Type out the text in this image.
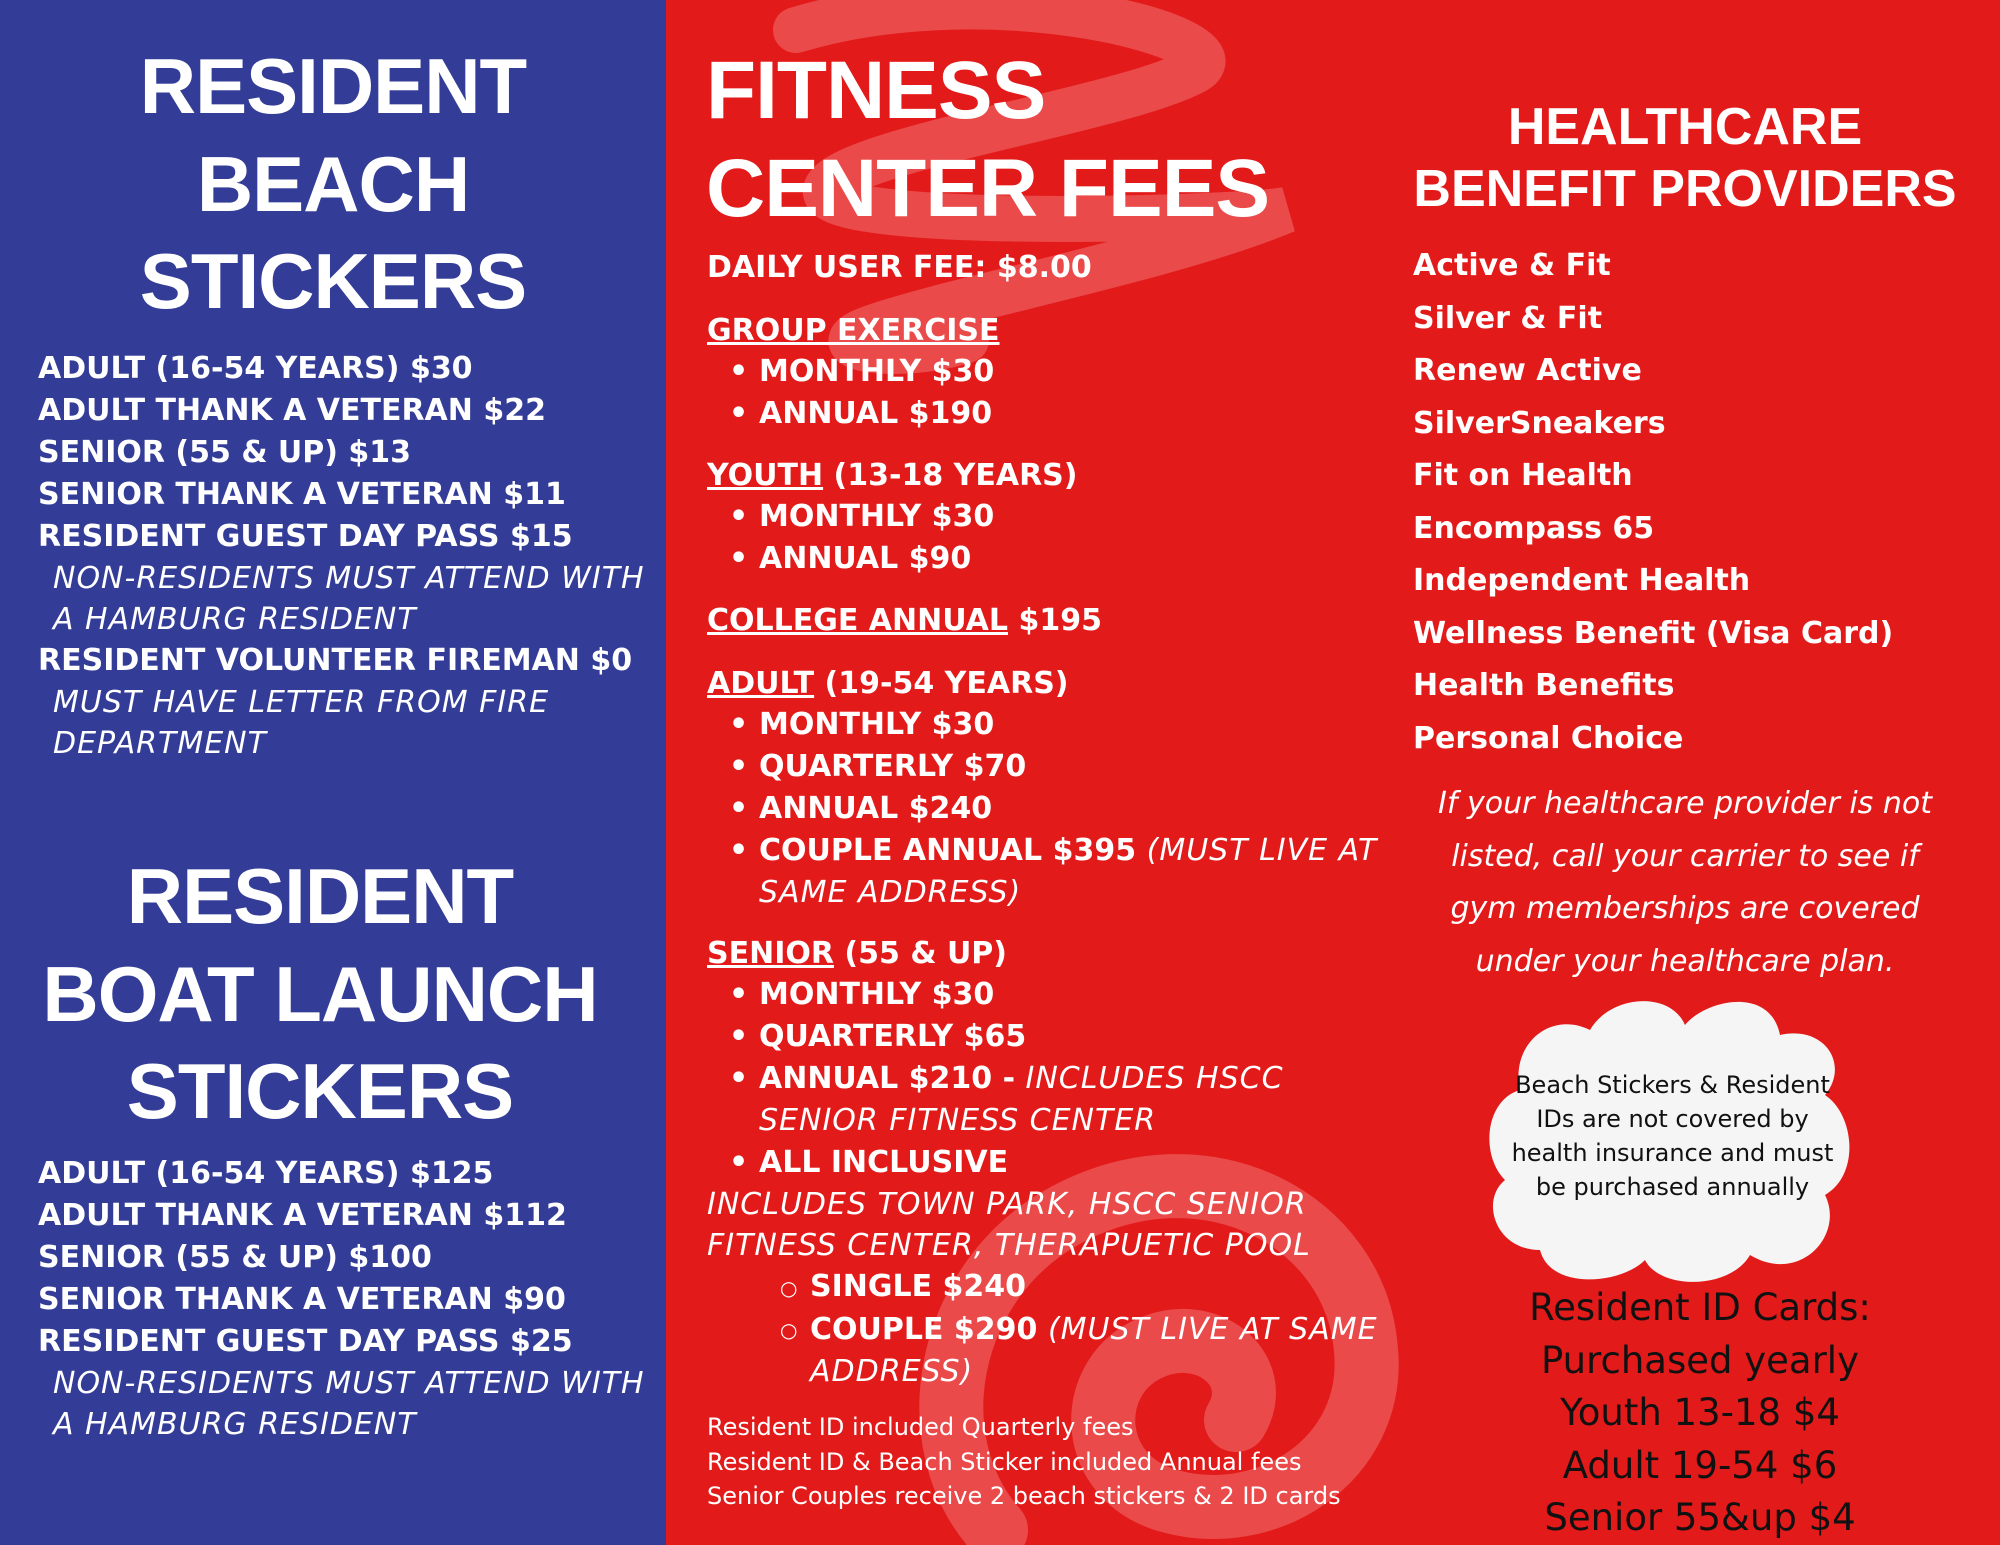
RESIDENT
BEACH
STICKERS
ADULT (16-54 YEARS) $30
ADULT THANK A VETERAN $22
SENIOR (55 & UP) $13
SENIOR THANK A VETERAN $11
RESIDENT GUEST DAY PASS $15
NON-RESIDENTS MUST ATTEND WITH
A HAMBURG RESIDENT
RESIDENT VOLUNTEER FIREMAN $0
MUST HAVE LETTER FROM FIRE
DEPARTMENT
RESIDENT
BOAT LAUNCH
STICKERS
ADULT (16-54 YEARS) $125
ADULT THANK A VETERAN $112
SENIOR (55 & UP) $100
SENIOR THANK A VETERAN $90
RESIDENT GUEST DAY PASS $25
NON-RESIDENTS MUST ATTEND WITH
A HAMBURG RESIDENT
FITNESS
CENTER FEES
DAILY USER FEE: $8.00
GROUP EXERCISE
• MONTHLY $30
• ANNUAL $190
YOUTH (13-18 YEARS)
• MONTHLY $30
• ANNUAL $90
COLLEGE ANNUAL $195
ADULT (19-54 YEARS)
• MONTHLY $30
• QUARTERLY $70
• ANNUAL $240
• COUPLE ANNUAL $395 (MUST LIVE AT
SAME ADDRESS)
SENIOR (55 & UP)
• MONTHLY $30
• QUARTERLY $65
• ANNUAL $210 - INCLUDES HSCC
SENIOR FITNESS CENTER
• ALL INCLUSIVE
INCLUDES TOWN PARK, HSCC SENIOR
FITNESS CENTER, THERAPUETIC POOL
○ SINGLE $240
○ COUPLE $290 (MUST LIVE AT SAME
ADDRESS)
Resident ID included Quarterly fees
Resident ID & Beach Sticker included Annual fees
Senior Couples receive 2 beach stickers & 2 ID cards
HEALTHCARE
BENEFIT PROVIDERS
Active & Fit
Silver & Fit
Renew Active
SilverSneakers
Fit on Health
Encompass 65
Independent Health
Wellness Benefit (Visa Card)
Health Benefits
Personal Choice
If your healthcare provider is not
listed, call your carrier to see if
gym memberships are covered
under your healthcare plan.
Beach Stickers & Resident
IDs are not covered by
health insurance and must
be purchased annually
Resident ID Cards:
Purchased yearly
Youth 13-18 $4
Adult 19-54 $6
Senior 55&up $4
